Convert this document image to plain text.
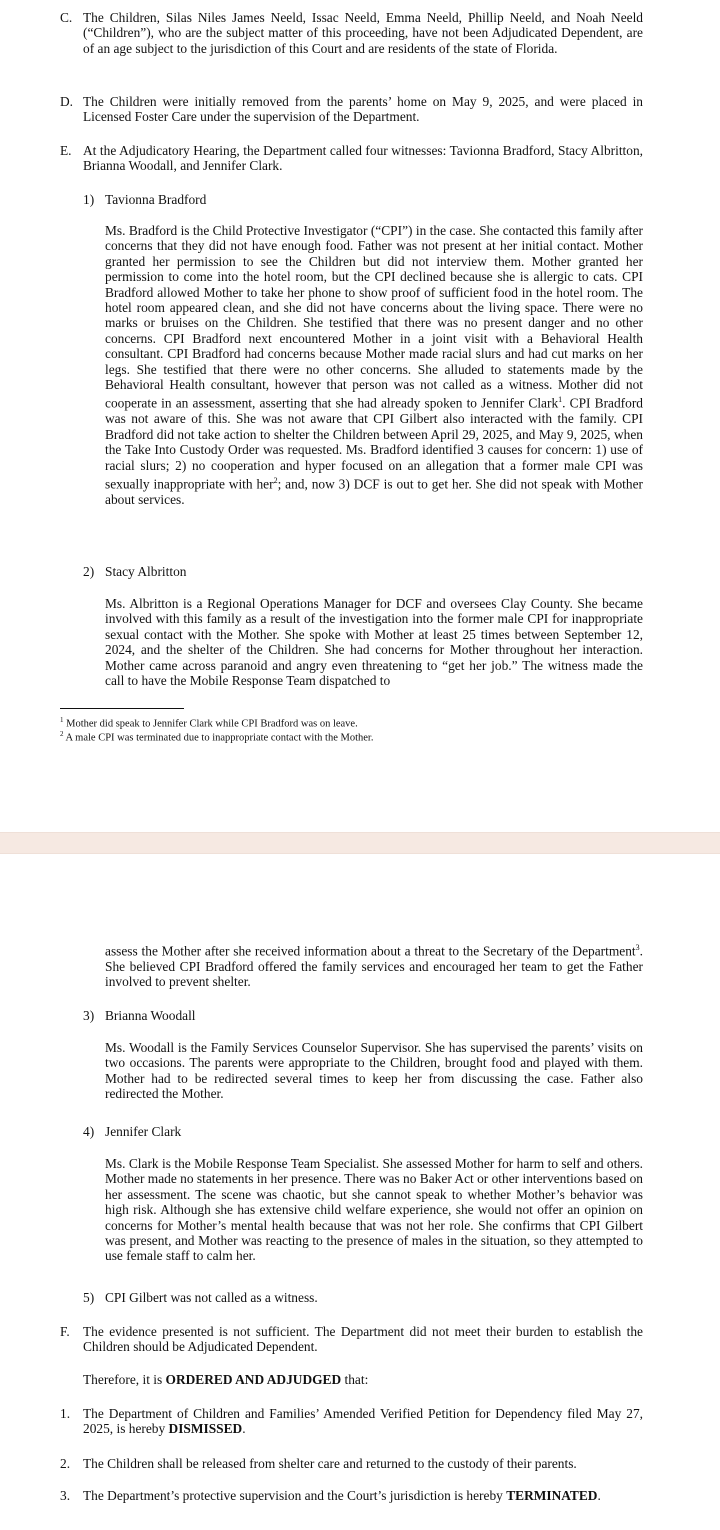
C. The Children, Silas Niles James Neeld, Issac Neeld, Emma Neeld, Phillip Neeld, and Noah Neeld (“Children”), who are the subject matter of this proceeding, have not been Adjudicated Dependent, are of an age subject to the jurisdiction of this Court and are residents of the state of Florida.
D. The Children were initially removed from the parents’ home on May 9, 2025, and were placed in Licensed Foster Care under the supervision of the Department.
E. At the Adjudicatory Hearing, the Department called four witnesses: Tavionna Bradford, Stacy Albritton, Brianna Woodall, and Jennifer Clark.
1) Tavionna Bradford
Ms. Bradford is the Child Protective Investigator (“CPI”) in the case. She contacted this family after concerns that they did not have enough food. Father was not present at her initial contact. Mother granted her permission to see the Children but did not interview them. Mother granted her permission to come into the hotel room, but the CPI declined because she is allergic to cats. CPI Bradford allowed Mother to take her phone to show proof of sufficient food in the hotel room. The hotel room appeared clean, and she did not have concerns about the living space. There were no marks or bruises on the Children. She testified that there was no present danger and no other concerns. CPI Bradford next encountered Mother in a joint visit with a Behavioral Health consultant. CPI Bradford had concerns because Mother made racial slurs and had cut marks on her legs. She testified that there were no other concerns. She alluded to statements made by the Behavioral Health consultant, however that person was not called as a witness. Mother did not cooperate in an assessment, asserting that she had already spoken to Jennifer Clark$^1$. CPI Bradford was not aware of this. She was not aware that CPI Gilbert also interacted with the family. CPI Bradford did not take action to shelter the Children between April 29, 2025, and May 9, 2025, when the Take Into Custody Order was requested. Ms. Bradford identified 3 causes for concern: 1) use of racial slurs; 2) no cooperation and hyper focused on an allegation that a former male CPI was sexually inappropriate with her$^2$; and, now 3) DCF is out to get her. She did not speak with Mother about services.
2) Stacy Albritton
Ms. Albritton is a Regional Operations Manager for DCF and oversees Clay County. She became involved with this family as a result of the investigation into the former male CPI for inappropriate sexual contact with the Mother. She spoke with Mother at least 25 times between September 12, 2024, and the shelter of the Children. She had concerns for Mother throughout her interaction. Mother came across paranoid and angry even threatening to “get her job.” The witness made the call to have the Mobile Response Team dispatched to
$^1$ Mother did speak to Jennifer Clark while CPI Bradford was on leave.
$^2$ A male CPI was terminated due to inappropriate contact with the Mother.
assess the Mother after she received information about a threat to the Secretary of the Department$^3$. She believed CPI Bradford offered the family services and encouraged her team to get the Father involved to prevent shelter.
3) Brianna Woodall
Ms. Woodall is the Family Services Counselor Supervisor. She has supervised the parents’ visits on two occasions. The parents were appropriate to the Children, brought food and played with them. Mother had to be redirected several times to keep her from discussing the case. Father also redirected the Mother.
4) Jennifer Clark
Ms. Clark is the Mobile Response Team Specialist. She assessed Mother for harm to self and others. Mother made no statements in her presence. There was no Baker Act or other interventions based on her assessment. The scene was chaotic, but she cannot speak to whether Mother’s behavior was high risk. Although she has extensive child welfare experience, she would not offer an opinion on concerns for Mother’s mental health because that was not her role. She confirms that CPI Gilbert was present, and Mother was reacting to the presence of males in the situation, so they attempted to use female staff to calm her.
5) CPI Gilbert was not called as a witness.
F. The evidence presented is not sufficient. The Department did not meet their burden to establish the Children should be Adjudicated Dependent.
Therefore, it is ORDERED AND ADJUDGED that:
1. The Department of Children and Families’ Amended Verified Petition for Dependency filed May 27, 2025, is hereby DISMISSED.
2. The Children shall be released from shelter care and returned to the custody of their parents.
3. The Department’s protective supervision and the Court’s jurisdiction is hereby TERMINATED.
